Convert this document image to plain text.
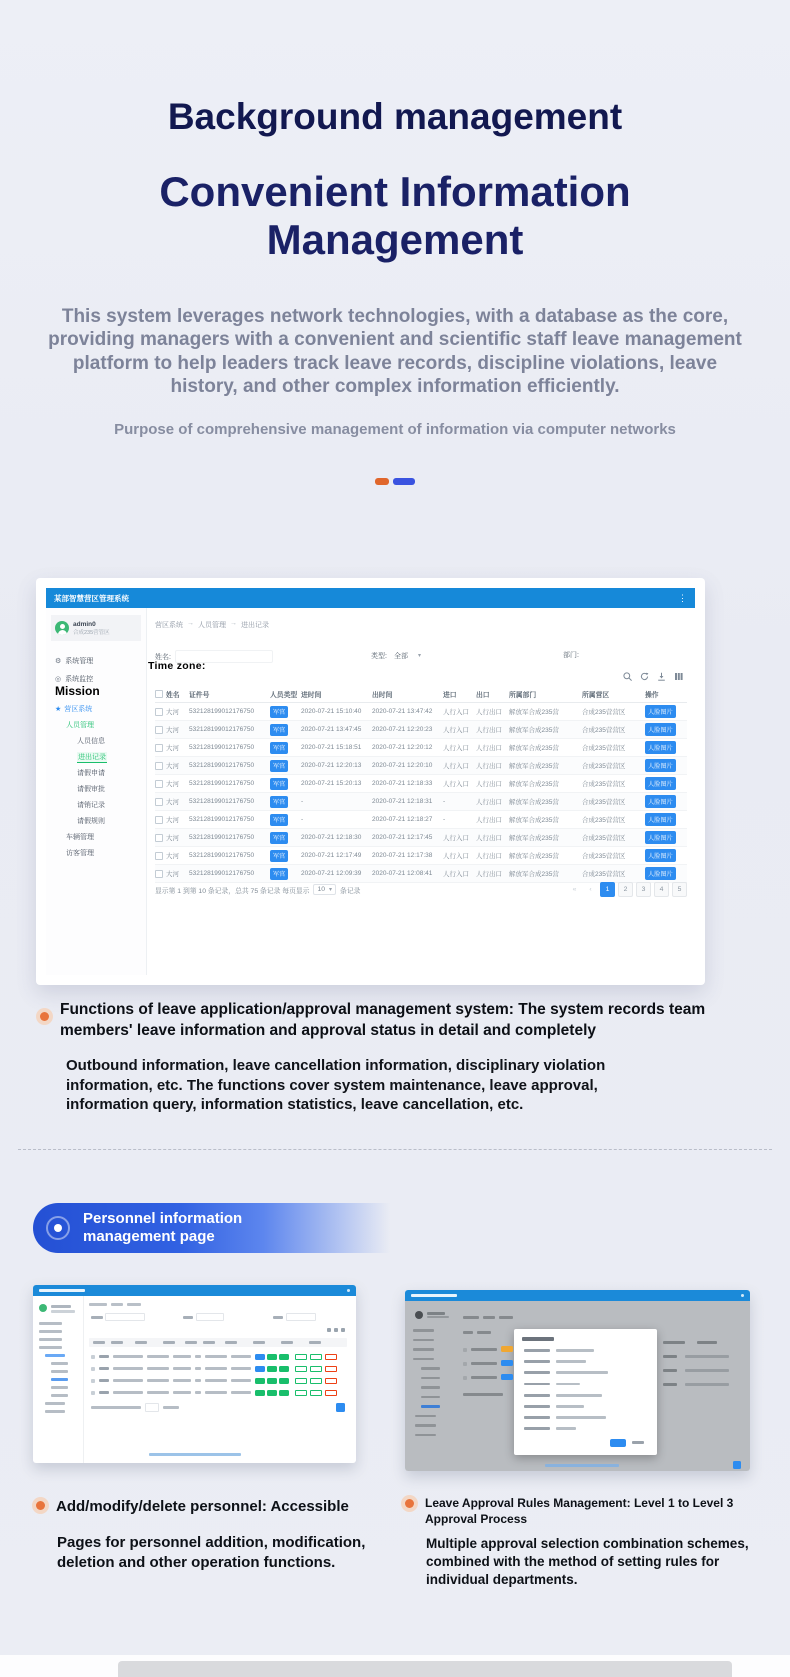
Background management
Convenient Information Management
This system leverages network technologies, with a database as the core, providing managers with a convenient and scientific staff leave management platform to help leaders track leave records, discipline violations, leave history, and other complex information efficiently.
Purpose of comprehensive management of information via computer networks
某部智慧营区管理系统	⋮
admin0
合成235营管区
⚙ 系统管理
◎ 系统监控
Mission
★ 营区系统
人员管理
人员信息
进出记录
请假申请
请假审批
请销记录
请假规则
车辆管理
访客管理
营区系统 → 人员管理 → 进出记录
姓名:	类型: 全部 ▾	部门:
Time zone:
姓名	证件号	人员类型 进时间	出时间	进口	出口	所属部门	所属营区	操作
大河	532128199012176750	军官	2020-07-21 15:10:40	2020-07-21 13:47:42	人行入口	人行出口	解放军合成235营	合成235营营区	人脸图片
大河	532128199012176750	军官	2020-07-21 13:47:45	2020-07-21 12:20:23	人行入口	人行出口	解放军合成235营	合成235营营区	人脸图片
大河	532128199012176750	军官	2020-07-21 15:18:51	2020-07-21 12:20:12	人行入口	人行出口	解放军合成235营	合成235营营区	人脸图片
大河	532128199012176750	军官	2020-07-21 12:20:13	2020-07-21 12:20:10	人行入口	人行出口	解放军合成235营	合成235营营区	人脸图片
大河	532128199012176750	军官	2020-07-21 15:20:13	2020-07-21 12:18:33	人行入口	人行出口	解放军合成235营	合成235营营区	人脸图片
大河	532128199012176750	军官	-	2020-07-21 12:18:31	-	人行出口	解放军合成235营	合成235营营区	人脸图片
大河	532128199012176750	军官	-	2020-07-21 12:18:27	-	人行出口	解放军合成235营	合成235营营区	人脸图片
大河	532128199012176750	军官	2020-07-21 12:18:30	2020-07-21 12:17:45	人行入口	人行出口	解放军合成235营	合成235营营区	人脸图片
大河	532128199012176750	军官	2020-07-21 12:17:49	2020-07-21 12:17:38	人行入口	人行出口	解放军合成235营	合成235营营区	人脸图片
大河	532128199012176750	军官	2020-07-21 12:09:39	2020-07-21 12:08:41	人行入口	人行出口	解放军合成235营	合成235营营区	人脸图片
显示第 1 到第 10 条记录，总共 75 条记录 每页显示 10 ▾ 条记录	«	‹	1	2	3	4	5
Functions of leave application/approval management system: The system records team members' leave information and approval status in detail and completely
Outbound information, leave cancellation information, disciplinary violation information, etc. The functions cover system maintenance, leave approval, information query, information statistics, leave cancellation, etc.
Personnel information
management page
Add/modify/delete personnel: Accessible
Pages for personnel addition, modification, deletion and other operation functions.
Leave Approval Rules Management: Level 1 to Level 3 Approval Process
Multiple approval selection combination schemes, combined with the method of setting rules for individual departments.
